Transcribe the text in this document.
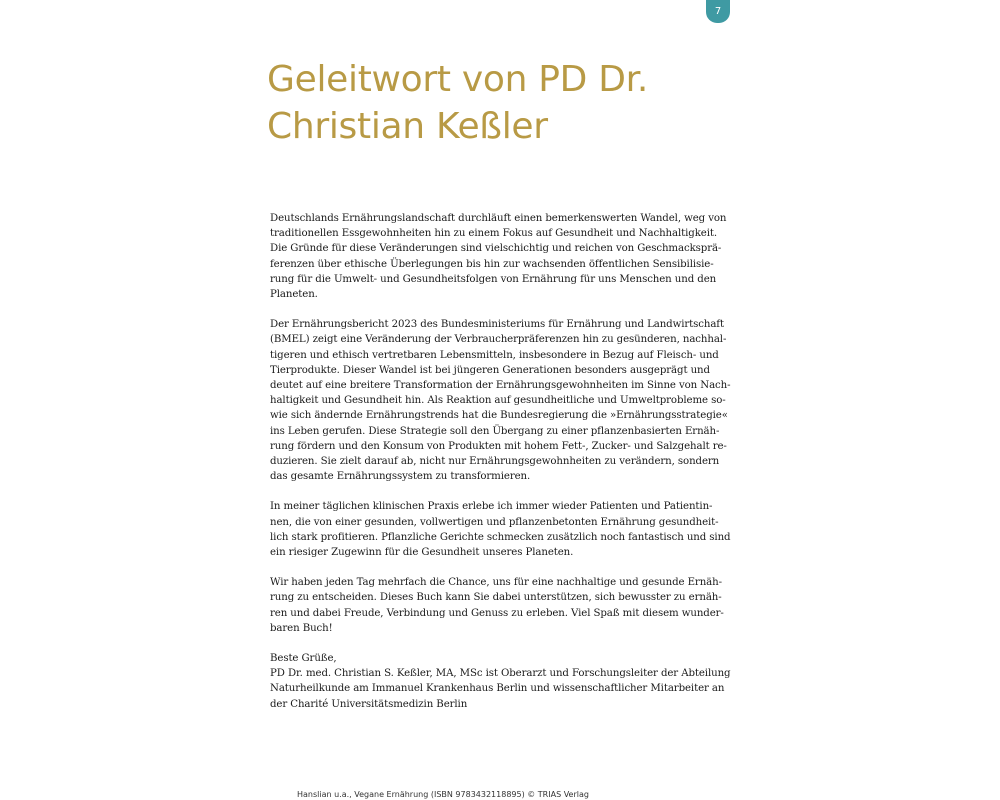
7
Geleitwort von PD Dr.
Christian Keßler

Deutschlands Ernährungslandschaft durchläuft einen bemerkenswerten Wandel, weg von
traditionellen Essgewohnheiten hin zu einem Fokus auf Gesundheit und Nachhaltigkeit.
Die Gründe für diese Veränderungen sind vielschichtig und reichen von Geschmacksprä-
ferenzen über ethische Überlegungen bis hin zur wachsenden öffentlichen Sensibilisie-
rung für die Umwelt- und Gesundheitsfolgen von Ernährung für uns Menschen und den
Planeten.

Der Ernährungsbericht 2023 des Bundesministeriums für Ernährung und Landwirtschaft
(BMEL) zeigt eine Veränderung der Verbraucherpräferenzen hin zu gesünderen, nachhal-
tigeren und ethisch vertretbaren Lebensmitteln, insbesondere in Bezug auf Fleisch- und
Tierprodukte. Dieser Wandel ist bei jüngeren Generationen besonders ausgeprägt und
deutet auf eine breitere Transformation der Ernährungsgewohnheiten im Sinne von Nach-
haltigkeit und Gesundheit hin. Als Reaktion auf gesundheitliche und Umweltprobleme so-
wie sich ändernde Ernährungstrends hat die Bundesregierung die »Ernährungsstrategie«
ins Leben gerufen. Diese Strategie soll den Übergang zu einer pflanzenbasierten Ernäh-
rung fördern und den Konsum von Produkten mit hohem Fett-, Zucker- und Salzgehalt re-
duzieren. Sie zielt darauf ab, nicht nur Ernährungsgewohnheiten zu verändern, sondern
das gesamte Ernährungssystem zu transformieren.

In meiner täglichen klinischen Praxis erlebe ich immer wieder Patienten und Patientin-
nen, die von einer gesunden, vollwertigen und pflanzenbetonten Ernährung gesundheit-
lich stark profitieren. Pflanzliche Gerichte schmecken zusätzlich noch fantastisch und sind
ein riesiger Zugewinn für die Gesundheit unseres Planeten.

Wir haben jeden Tag mehrfach die Chance, uns für eine nachhaltige und gesunde Ernäh-
rung zu entscheiden. Dieses Buch kann Sie dabei unterstützen, sich bewusster zu ernäh-
ren und dabei Freude, Verbindung und Genuss zu erleben. Viel Spaß mit diesem wunder-
baren Buch!

Beste Grüße,
PD Dr. med. Christian S. Keßler, MA, MSc ist Oberarzt und Forschungsleiter der Abteilung
Naturheilkunde am Immanuel Krankenhaus Berlin und wissenschaftlicher Mitarbeiter an
der Charité Universitätsmedizin Berlin

Hanslian u.a., Vegane Ernährung (ISBN 9783432118895) © TRIAS Verlag
